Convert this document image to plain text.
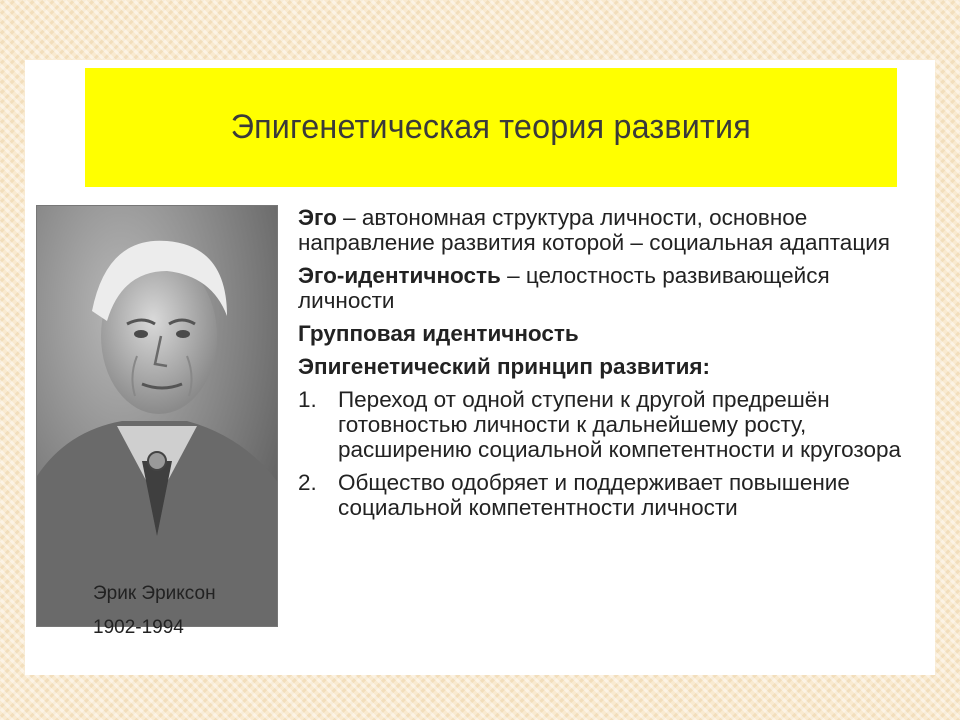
Эпигенетическая теория развития
Эрик Эриксон
1902-1994
Эго – автономная структура личности, основное направление развития которой – социальная адаптация
Эго-идентичность – целостность развивающейся личности
Групповая идентичность
Эпигенетический принцип развития:
1. Переход от одной ступени к другой предрешён готовностью личности к дальнейшему росту, расширению социальной компетентности и кругозора
2. Общество одобряет и поддерживает повышение социальной компетентности личности
